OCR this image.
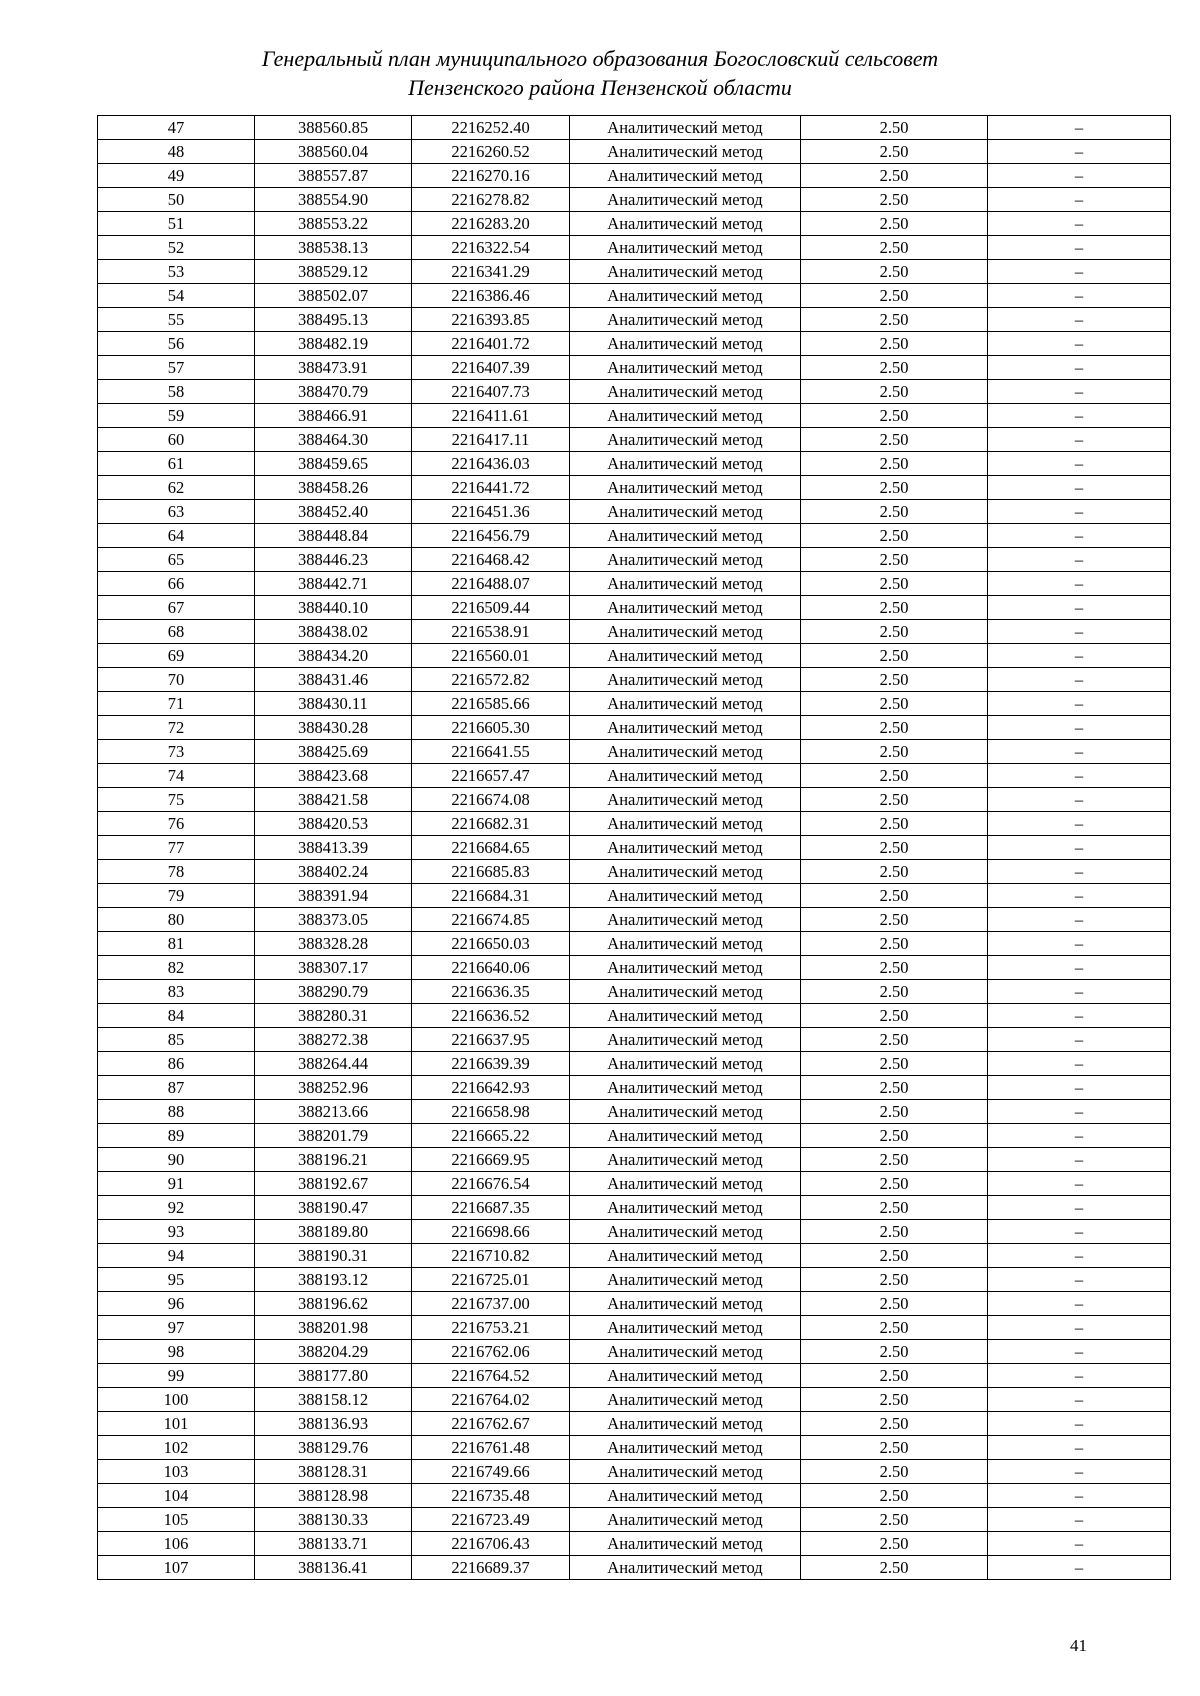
Генеральный план муниципального образования Богословский сельсовет
Пензенского района Пензенской области
47	388560.85	2216252.40	Аналитический метод	2.50	–
48	388560.04	2216260.52	Аналитический метод	2.50	–
49	388557.87	2216270.16	Аналитический метод	2.50	–
50	388554.90	2216278.82	Аналитический метод	2.50	–
51	388553.22	2216283.20	Аналитический метод	2.50	–
52	388538.13	2216322.54	Аналитический метод	2.50	–
53	388529.12	2216341.29	Аналитический метод	2.50	–
54	388502.07	2216386.46	Аналитический метод	2.50	–
55	388495.13	2216393.85	Аналитический метод	2.50	–
56	388482.19	2216401.72	Аналитический метод	2.50	–
57	388473.91	2216407.39	Аналитический метод	2.50	–
58	388470.79	2216407.73	Аналитический метод	2.50	–
59	388466.91	2216411.61	Аналитический метод	2.50	–
60	388464.30	2216417.11	Аналитический метод	2.50	–
61	388459.65	2216436.03	Аналитический метод	2.50	–
62	388458.26	2216441.72	Аналитический метод	2.50	–
63	388452.40	2216451.36	Аналитический метод	2.50	–
64	388448.84	2216456.79	Аналитический метод	2.50	–
65	388446.23	2216468.42	Аналитический метод	2.50	–
66	388442.71	2216488.07	Аналитический метод	2.50	–
67	388440.10	2216509.44	Аналитический метод	2.50	–
68	388438.02	2216538.91	Аналитический метод	2.50	–
69	388434.20	2216560.01	Аналитический метод	2.50	–
70	388431.46	2216572.82	Аналитический метод	2.50	–
71	388430.11	2216585.66	Аналитический метод	2.50	–
72	388430.28	2216605.30	Аналитический метод	2.50	–
73	388425.69	2216641.55	Аналитический метод	2.50	–
74	388423.68	2216657.47	Аналитический метод	2.50	–
75	388421.58	2216674.08	Аналитический метод	2.50	–
76	388420.53	2216682.31	Аналитический метод	2.50	–
77	388413.39	2216684.65	Аналитический метод	2.50	–
78	388402.24	2216685.83	Аналитический метод	2.50	–
79	388391.94	2216684.31	Аналитический метод	2.50	–
80	388373.05	2216674.85	Аналитический метод	2.50	–
81	388328.28	2216650.03	Аналитический метод	2.50	–
82	388307.17	2216640.06	Аналитический метод	2.50	–
83	388290.79	2216636.35	Аналитический метод	2.50	–
84	388280.31	2216636.52	Аналитический метод	2.50	–
85	388272.38	2216637.95	Аналитический метод	2.50	–
86	388264.44	2216639.39	Аналитический метод	2.50	–
87	388252.96	2216642.93	Аналитический метод	2.50	–
88	388213.66	2216658.98	Аналитический метод	2.50	–
89	388201.79	2216665.22	Аналитический метод	2.50	–
90	388196.21	2216669.95	Аналитический метод	2.50	–
91	388192.67	2216676.54	Аналитический метод	2.50	–
92	388190.47	2216687.35	Аналитический метод	2.50	–
93	388189.80	2216698.66	Аналитический метод	2.50	–
94	388190.31	2216710.82	Аналитический метод	2.50	–
95	388193.12	2216725.01	Аналитический метод	2.50	–
96	388196.62	2216737.00	Аналитический метод	2.50	–
97	388201.98	2216753.21	Аналитический метод	2.50	–
98	388204.29	2216762.06	Аналитический метод	2.50	–
99	388177.80	2216764.52	Аналитический метод	2.50	–
100	388158.12	2216764.02	Аналитический метод	2.50	–
101	388136.93	2216762.67	Аналитический метод	2.50	–
102	388129.76	2216761.48	Аналитический метод	2.50	–
103	388128.31	2216749.66	Аналитический метод	2.50	–
104	388128.98	2216735.48	Аналитический метод	2.50	–
105	388130.33	2216723.49	Аналитический метод	2.50	–
106	388133.71	2216706.43	Аналитический метод	2.50	–
107	388136.41	2216689.37	Аналитический метод	2.50	–
41
